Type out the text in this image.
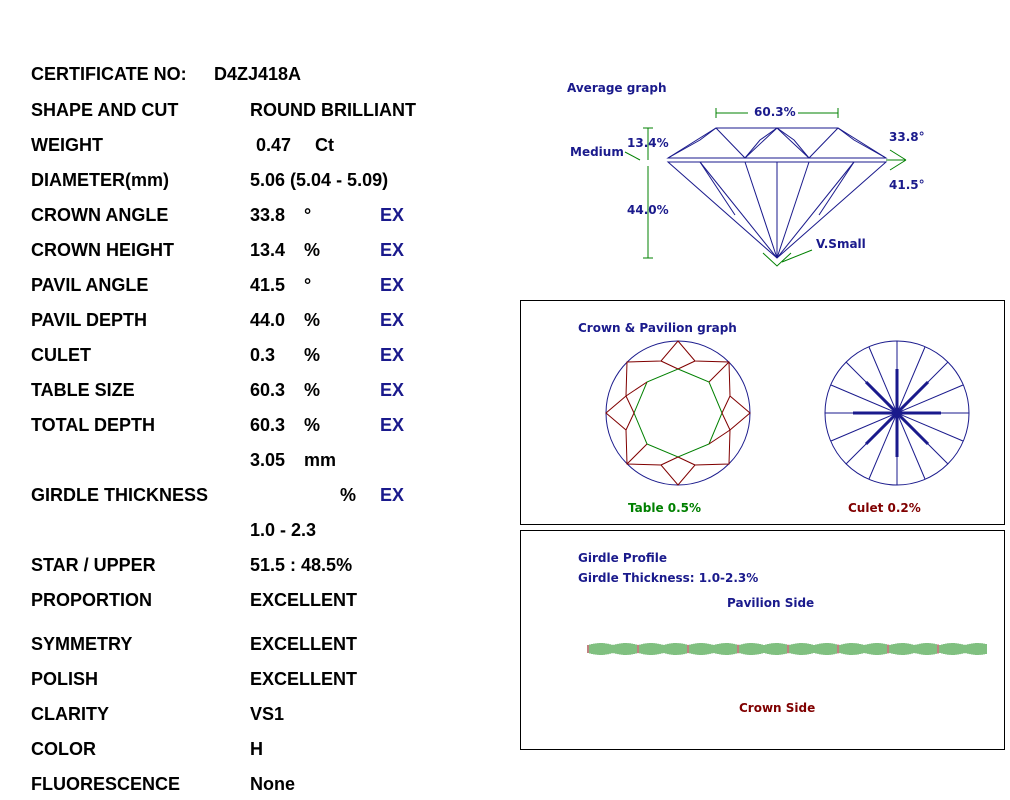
CERTIFICATE NO: D4ZJ418A
SHAPE AND CUT	ROUND BRILLIANT
WEIGHT	0.47 Ct
DIAMETER(mm)	5.06 (5.04 - 5.09)
CROWN ANGLE	33.8 °	EX
CROWN HEIGHT	13.4 %	EX
PAVIL ANGLE	41.5 °	EX
PAVIL DEPTH	44.0 %	EX
CULET	0.3 %	EX
TABLE SIZE	60.3 %	EX
TOTAL DEPTH	60.3 %	EX
3.05 mm
GIRDLE THICKNESS	% EX
1.0 - 2.3
STAR / UPPER	51.5 : 48.5%
PROPORTION	EXCELLENT
SYMMETRY	EXCELLENT
POLISH	EXCELLENT
CLARITY	VS1
COLOR	H
FLUORESCENCE	None
Average graph
60.3%
13.4%
Medium
44.0%
33.8°
41.5°
V.Small
Crown & Pavilion graph
Table 0.5%	Culet 0.2%
Girdle Profile
Girdle Thickness: 1.0-2.3%
Pavilion Side
Crown Side
